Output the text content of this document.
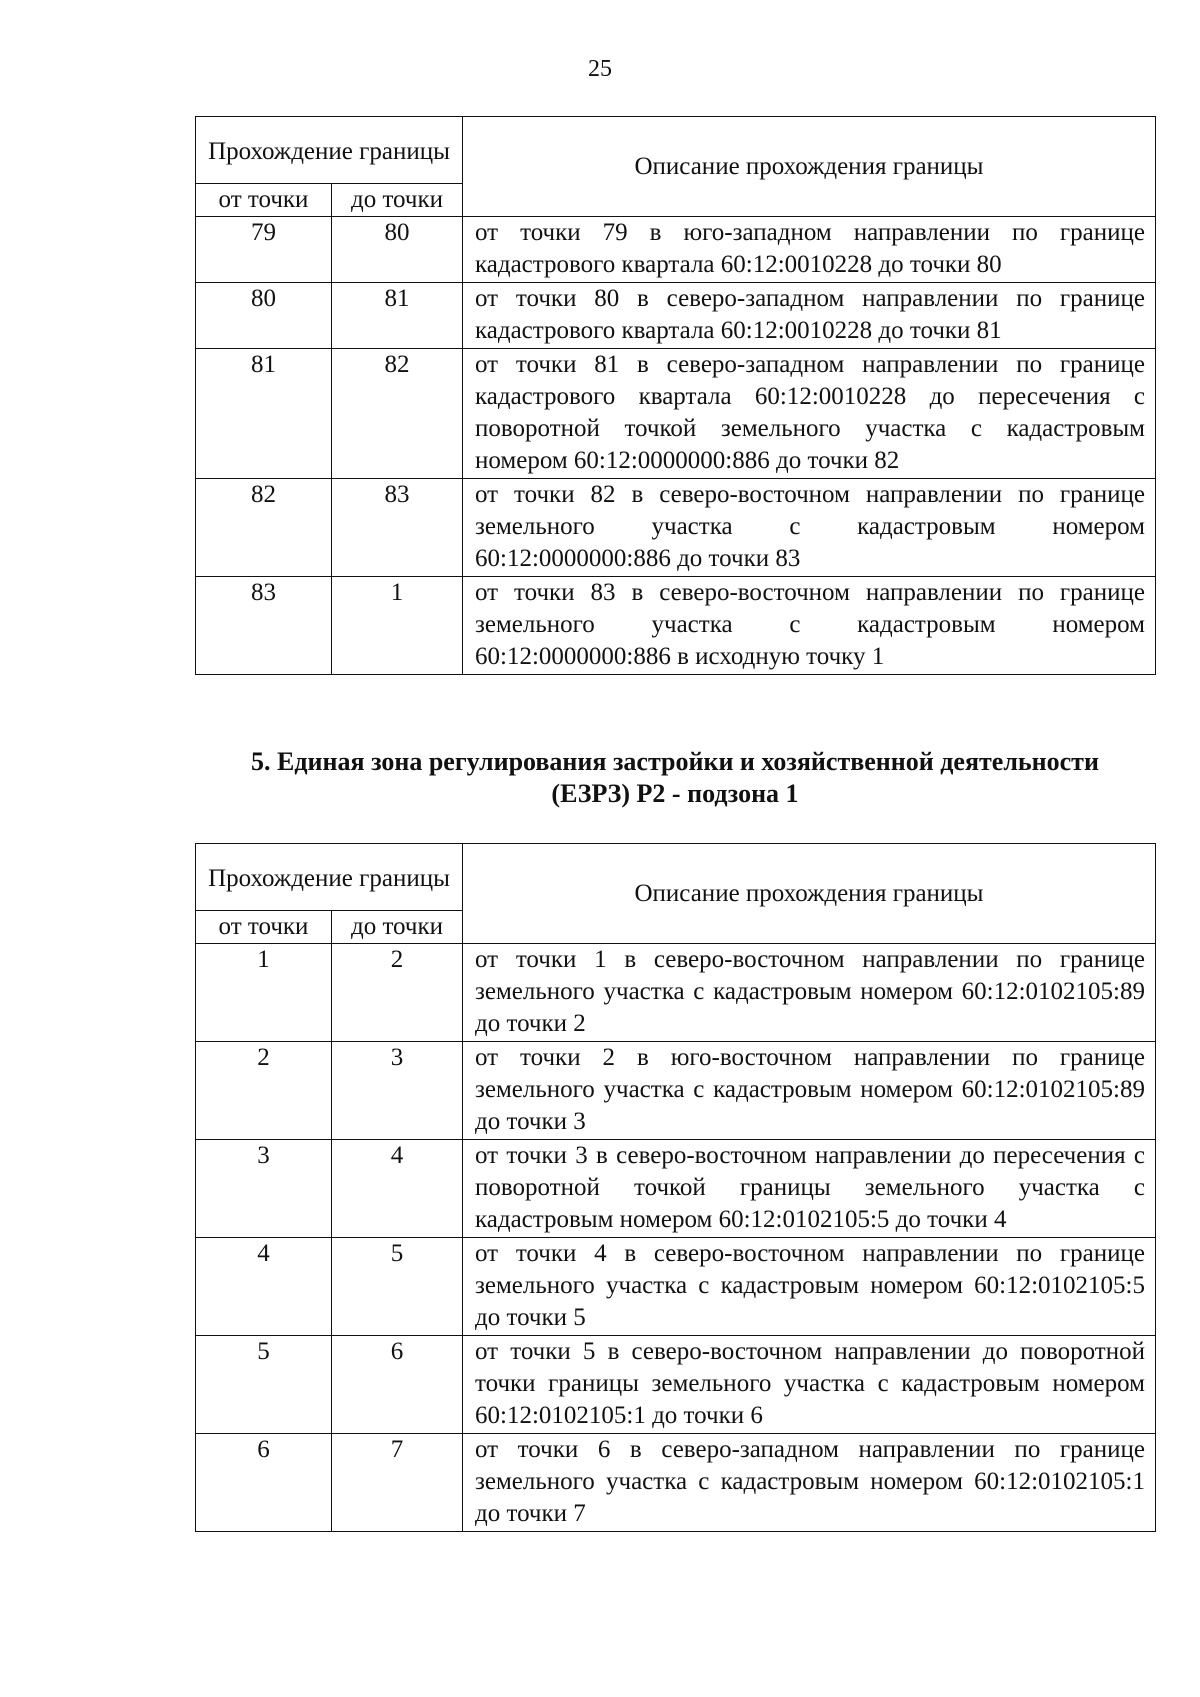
25
Прохождение границы		Описание прохождения границы
от точки	до точки	
79	80	от точки 79 в юго-западном направлении по границе кадастрового квартала 60:12:0010228 до точки 80
80	81	от точки 80 в северо-западном направлении по границе кадастрового квартала 60:12:0010228 до точки 81
81	82	от точки 81 в северо-западном направлении по границе кадастрового квартала 60:12:0010228 до пересечения с поворотной точкой земельного участка с кадастровым номером 60:12:0000000:886 до точки 82
82	83	от точки 82 в северо-восточном направлении по границе земельного участка с кадастровым номером 60:12:0000000:886 до точки 83
83	1	от точки 83 в северо-восточном направлении по границе земельного участка с кадастровым номером 60:12:0000000:886 в исходную точку 1
5. Единая зона регулирования застройки и хозяйственной деятельности
(ЕЗРЗ) Р2 - подзона 1
Прохождение границы		Описание прохождения границы
от точки	до точки	
1	2	от точки 1 в северо-восточном направлении по границе земельного участка с кадастровым номером 60:12:0102105:89 до точки 2
2	3	от точки 2 в юго-восточном направлении по границе земельного участка с кадастровым номером 60:12:0102105:89 до точки 3
3	4	от точки 3 в северо-восточном направлении до пересечения с поворотной точкой границы земельного участка с кадастровым номером 60:12:0102105:5 до точки 4
4	5	от точки 4 в северо-восточном направлении по границе земельного участка с кадастровым номером 60:12:0102105:5 до точки 5
5	6	от точки 5 в северо-восточном направлении до поворотной точки границы земельного участка с кадастровым номером 60:12:0102105:1 до точки 6
6	7	от точки 6 в северо-западном направлении по границе земельного участка с кадастровым номером 60:12:0102105:1 до точки 7
